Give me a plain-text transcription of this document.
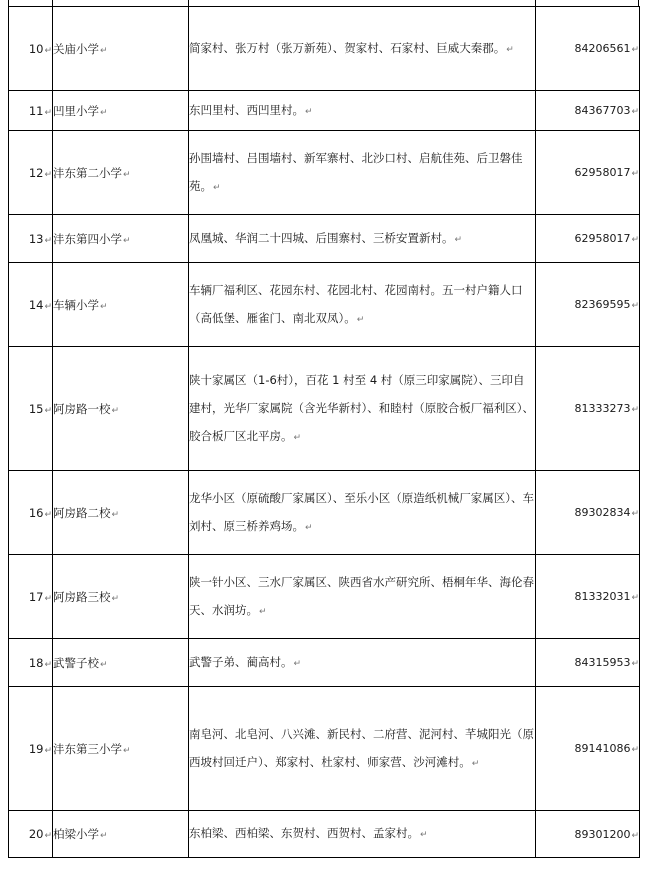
10↵	关庙小学↵	简家村、张万村（张万新苑）、贺家村、石家村、巨威大秦郡。↵	84206561↵
11↵	凹里小学↵	东凹里村、西凹里村。↵	84367703↵
12↵	沣东第二小学↵	孙围墙村、吕围墙村、新军寨村、北沙口村、启航佳苑、后卫磐佳苑。↵	62958017↵
13↵	沣东第四小学↵	凤凰城、华润二十四城、后围寨村、三桥安置新村。↵	62958017↵
14↵	车辆小学↵	车辆厂福利区、花园东村、花园北村、花园南村。五一村户籍人口（高低堡、雁雀门、南北双凤）。↵	82369595↵
15↵	阿房路一校↵	陕十家属区（1-6村），百花 1 村至 4 村（原三印家属院）、三印自建村，光华厂家属院（含光华新村）、和睦村（原胶合板厂福利区）、胶合板厂区北平房。↵	81333273↵
16↵	阿房路二校↵	龙华小区（原硫酸厂家属区）、至乐小区（原造纸机械厂家属区）、车刘村、原三桥养鸡场。↵	89302834↵
17↵	阿房路三校↵	陕一针小区、三水厂家属区、陕西省水产研究所、梧桐年华、海伦春天、水润坊。↵	81332031↵
18↵	武警子校↵	武警子弟、蔺高村。↵	84315953↵
19↵	沣东第三小学↵	南皂河、北皂河、八兴滩、新民村、二府营、泥河村、芊城阳光（原西坡村回迁户）、郑家村、杜家村、师家营、沙河滩村。↵	89141086↵
20↵	柏梁小学↵	东柏梁、西柏梁、东贺村、西贺村、孟家村。↵	89301200↵
